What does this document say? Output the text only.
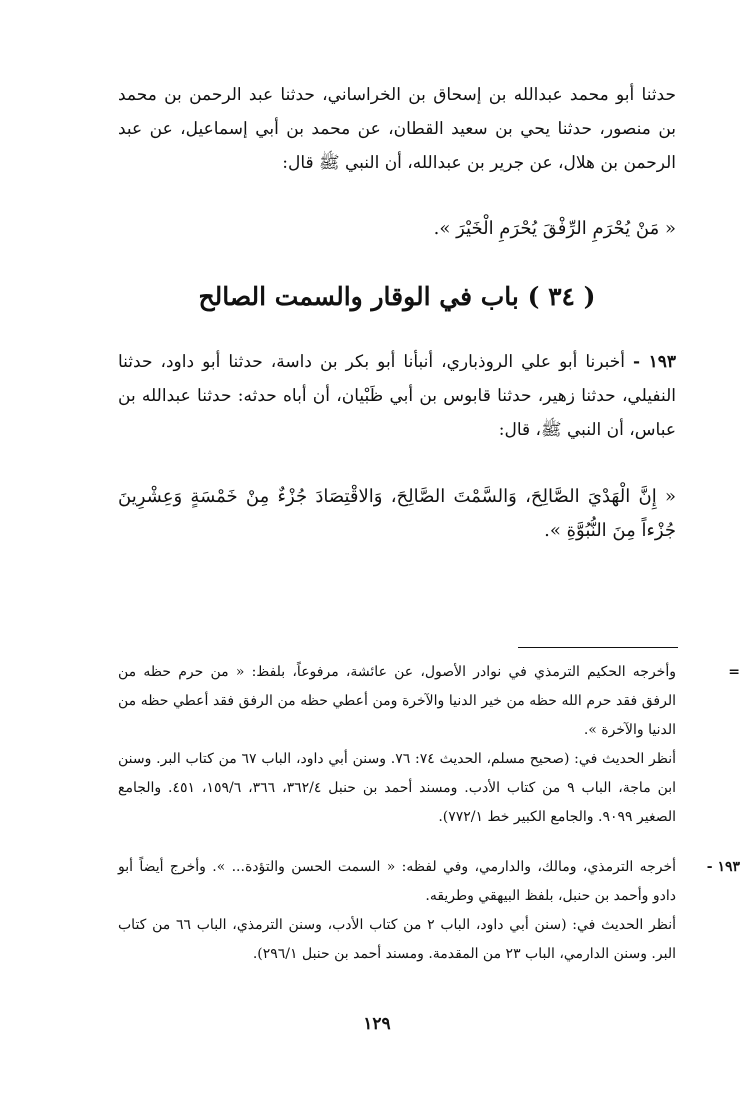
حدثنا أبو محمد عبدالله بن إسحاق بن الخراساني، حدثنا عبد الرحمن بن محمد بن منصور، حدثنا يحي بن سعيد القطان، عن محمد بن أبي إسماعيل، عن عبد الرحمن بن هلال، عن جرير بن عبدالله، أن النبي ﷺ قال:
« مَنْ يُحْرَمِ الرِّفْقَ يُحْرَمِ الْخَيْرَ ».
( ٣٤ ) باب في الوقار والسمت الصالح
١٩٣ - أخبرنا أبو علي الروذباري، أنبأنا أبو بكر بن داسة، حدثنا أبو داود، حدثنا النفيلي، حدثنا زهير، حدثنا قابوس بن أبي ظَبْيان، أن أباه حدثه: حدثنا عبدالله بن عباس، أن النبي ﷺ، قال:
« إِنَّ الْهَدْيَ الصَّالِحَ، وَالسَّمْتَ الصَّالِحَ، وَالاقْتِصَادَ جُزْءٌ مِنْ خَمْسَةٍ وَعِشْرِينَ جُزْءاً مِنَ النُّبُوَّةِ ».
=

وأخرجه الحكيم الترمذي في نوادر الأصول، عن عائشة، مرفوعاً، بلفظ: « من حرم حظه من الرفق فقد حرم الله حظه من خير الدنيا والآخرة ومن أعطي حظه من الرفق فقد أعطي حظه من الدنيا والآخرة ».

أنظر الحديث في: (صحيح مسلم، الحديث ٧٤: ٧٦. وسنن أبي داود، الباب ٦٧ من كتاب البر. وسنن ابن ماجة، الباب ٩ من كتاب الأدب. ومسند أحمد بن حنبل ٣٦٢/٤، ٣٦٦، ١٥٩/٦، ٤٥١. والجامع الصغير ٩٠٩٩. والجامع الكبير خط ٧٧٢/١).

١٩٣ -

أخرجه الترمذي، ومالك، والدارمي، وفي لفظه: « السمت الحسن والتؤدة... ». وأخرج أيضاً أبو دادو وأحمد بن حنبل، بلفظ البيهقي وطريقه.

أنظر الحديث في: (سنن أبي داود، الباب ٢ من كتاب الأدب، وسنن الترمذي، الباب ٦٦ من كتاب البر. وسنن الدارمي، الباب ٢٣ من المقدمة. ومسند أحمد بن حنبل ٢٩٦/١).

١٢٩
